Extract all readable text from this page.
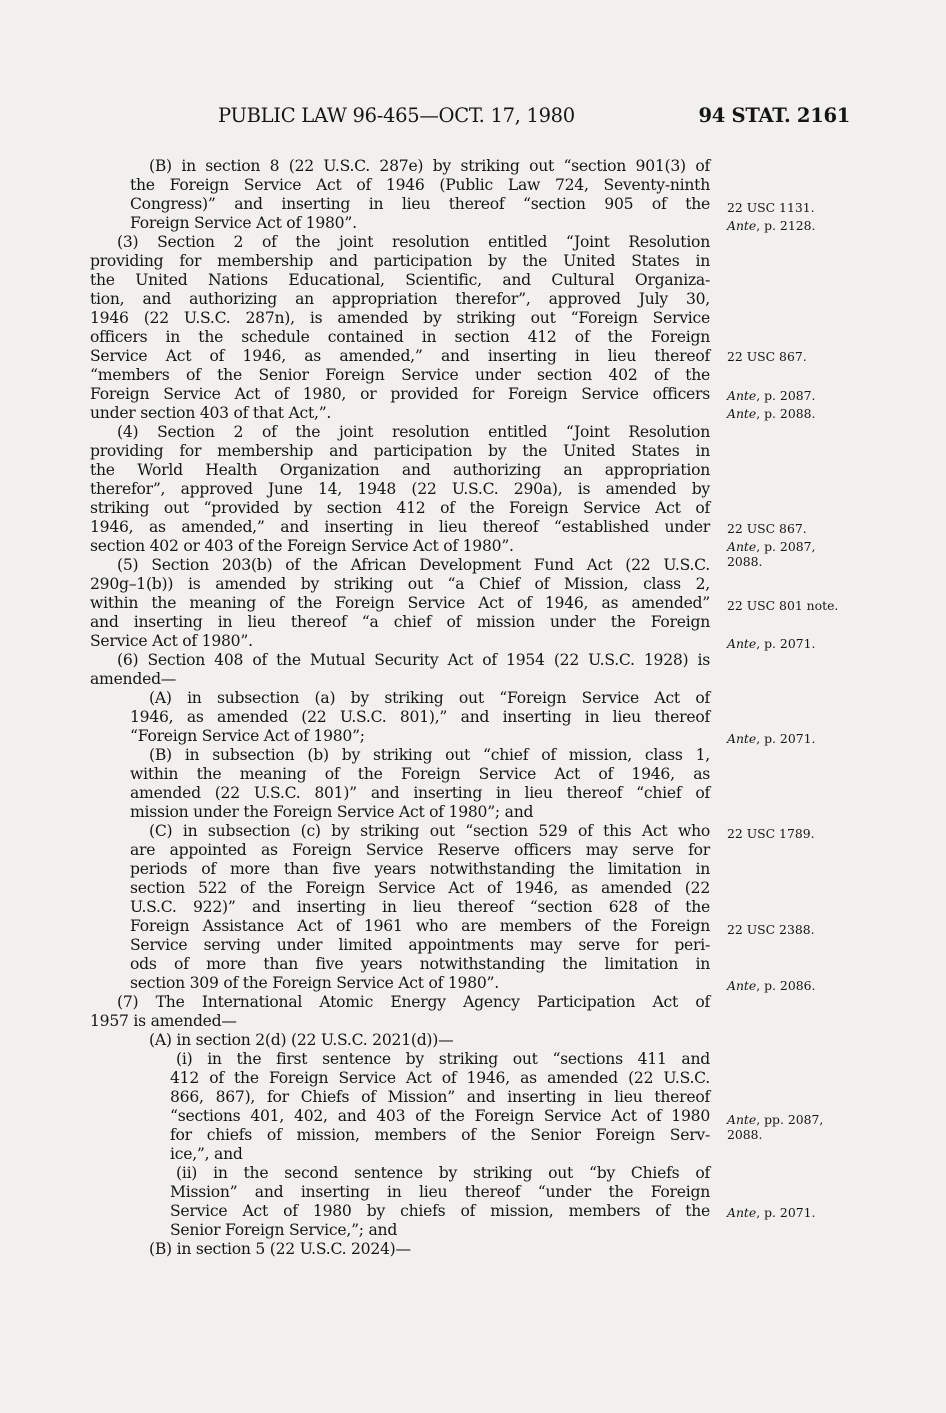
PUBLIC LAW 96-465—OCT. 17, 1980	94 STAT. 2161
(B) in section 8 (22 U.S.C. 287e) by striking out “section 901(3) of
the Foreign Service Act of 1946 (Public Law 724, Seventy-ninth
Congress)” and inserting in lieu thereof “section 905 of the
Foreign Service Act of 1980”.
(3) Section 2 of the joint resolution entitled “Joint Resolution
providing for membership and participation by the United States in
the United Nations Educational, Scientific, and Cultural Organiza-
tion, and authorizing an appropriation therefor”, approved July 30,
1946 (22 U.S.C. 287n), is amended by striking out “Foreign Service
officers in the schedule contained in section 412 of the Foreign
Service Act of 1946, as amended,” and inserting in lieu thereof
“members of the Senior Foreign Service under section 402 of the
Foreign Service Act of 1980, or provided for Foreign Service officers
under section 403 of that Act,”.
(4) Section 2 of the joint resolution entitled “Joint Resolution
providing for membership and participation by the United States in
the World Health Organization and authorizing an appropriation
therefor”, approved June 14, 1948 (22 U.S.C. 290a), is amended by
striking out “provided by section 412 of the Foreign Service Act of
1946, as amended,” and inserting in lieu thereof “established under
section 402 or 403 of the Foreign Service Act of 1980”.
(5) Section 203(b) of the African Development Fund Act (22 U.S.C.
290g–1(b)) is amended by striking out “a Chief of Mission, class 2,
within the meaning of the Foreign Service Act of 1946, as amended”
and inserting in lieu thereof “a chief of mission under the Foreign
Service Act of 1980”.
(6) Section 408 of the Mutual Security Act of 1954 (22 U.S.C. 1928) is
amended—
(A) in subsection (a) by striking out “Foreign Service Act of
1946, as amended (22 U.S.C. 801),” and inserting in lieu thereof
“Foreign Service Act of 1980”;
(B) in subsection (b) by striking out “chief of mission, class 1,
within the meaning of the Foreign Service Act of 1946, as
amended (22 U.S.C. 801)” and inserting in lieu thereof “chief of
mission under the Foreign Service Act of 1980”; and
(C) in subsection (c) by striking out “section 529 of this Act who
are appointed as Foreign Service Reserve officers may serve for
periods of more than five years notwithstanding the limitation in
section 522 of the Foreign Service Act of 1946, as amended (22
U.S.C. 922)” and inserting in lieu thereof “section 628 of the
Foreign Assistance Act of 1961 who are members of the Foreign
Service serving under limited appointments may serve for peri-
ods of more than five years notwithstanding the limitation in
section 309 of the Foreign Service Act of 1980”.
(7) The International Atomic Energy Agency Participation Act of
1957 is amended—
(A) in section 2(d) (22 U.S.C. 2021(d))—
(i) in the first sentence by striking out “sections 411 and
412 of the Foreign Service Act of 1946, as amended (22 U.S.C.
866, 867), for Chiefs of Mission” and inserting in lieu thereof
“sections 401, 402, and 403 of the Foreign Service Act of 1980
for chiefs of mission, members of the Senior Foreign Serv-
ice,”, and
(ii) in the second sentence by striking out “by Chiefs of
Mission” and inserting in lieu thereof “under the Foreign
Service Act of 1980 by chiefs of mission, members of the
Senior Foreign Service,”; and
(B) in section 5 (22 U.S.C. 2024)—
22 USC 1131.
Ante, p. 2128.
22 USC 867.
Ante, p. 2087.
Ante, p. 2088.
22 USC 867.
Ante, p. 2087,
2088.
22 USC 801 note.
Ante, p. 2071.
Ante, p. 2071.
22 USC 1789.
22 USC 2388.
Ante, p. 2086.
Ante, pp. 2087,
2088.
Ante, p. 2071.
